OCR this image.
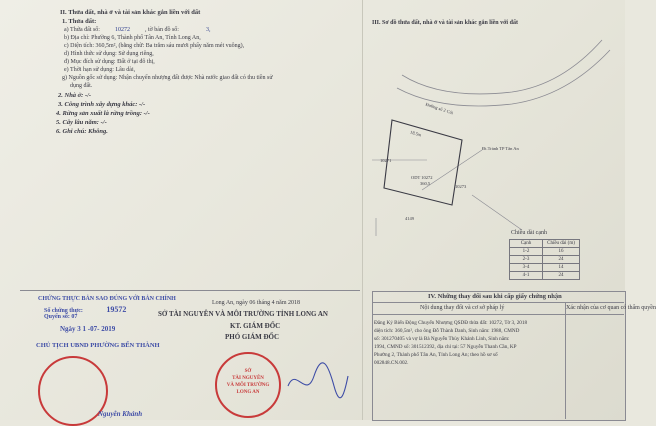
II. Thửa đất, nhà ở và tài sản khác gắn liền với đất
1. Thửa đất:
a) Thửa đất số:	10272	, tờ bản đồ số:	3,
b) Địa chỉ: Phường 6, Thành phố Tân An, Tỉnh Long An,
c) Diện tích: 360,5m², (bằng chữ: Ba trăm sáu mươi phẩy năm mét vuông),
d) Hình thức sử dụng: Sử dụng riêng,
đ) Mục đích sử dụng: Đất ở tại đô thị,
e) Thời hạn sử dụng: Lâu dài,
g) Nguồn gốc sử dụng: Nhận chuyển nhượng đất được Nhà nước giao đất có thu tiền sử
dụng đất.
2. Nhà ở: -/-
3. Công trình xây dựng khác: -/-
4. Rừng sản xuất là rừng trồng: -/-
5. Cây lâu năm: -/-
6. Ghi chú: Không.
III. Sơ đồ thửa đất, nhà ở và tài sản khác gắn liền với đất
Đường số 2 Củi
18.5m
Đt.Trảnh TP Tân An
10271
10273
4149
ODT 10272
360,5
Chiều dài cạnh
Cạnh	Chiều dài (m)
1-2	16
2-3	24
3-4	14
4-1	24
CHỨNG THỰC BẢN SAO ĐÚNG VỚI BẢN CHÍNH
Số chứng thực:	19572
Quyển số: 07
Ngày 3 1 -07- 2019
CHỦ TỊCH UBND PHƯỜNG BẾN THÀNH
Nguyễn Khánh
Long An, ngày 06 tháng 4 năm 2018
SỞ TÀI NGUYÊN VÀ MÔI TRƯỜNG TỈNH LONG AN
KT. GIÁM ĐỐC
PHÓ GIÁM ĐỐC
SỞ
TÀI NGUYÊN
VÀ MÔI TRƯỜNG
LONG AN
IV. Những thay đổi sau khi cấp giấy chứng nhận
Nội dung thay đổi và cơ sở pháp lý	Xác nhận của cơ quan có thẩm quyền
Đăng Ký Biến Động Chuyển Nhượng QSDĐ thửa đất: 10272, Tờ 3, 2018
diện tích: 360,5m², cho ông Đỗ Thành Danh, Sinh năm: 1988, CMND
số: 301270405 và vợ là Bà Nguyễn Thùy Khánh Linh, Sinh năm:
1994, CMND số: 301512392, địa chỉ tại: 57 Nguyễn Thanh Cần, KP
Phường 2, Thành phố Tân An, Tỉnh Long An; theo hồ sơ số
002848.CN.002.
